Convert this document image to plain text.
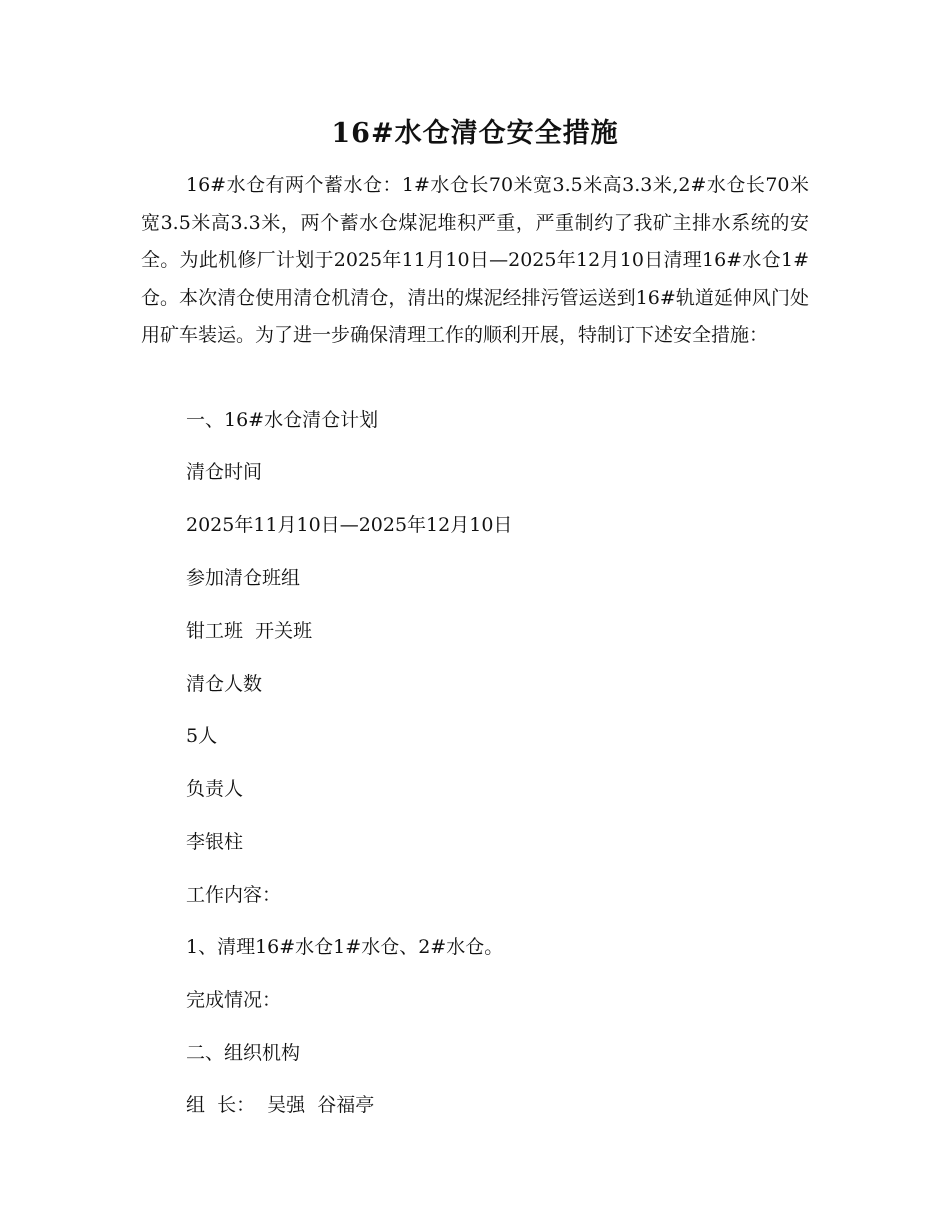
16#水仓清仓安全措施

16#水仓有两个蓄水仓：1#水仓长70米宽3.5米高3.3米,2#水仓长70米宽3.5米高3.3米，两个蓄水仓煤泥堆积严重，严重制约了我矿主排水系统的安全。为此机修厂计划于2025年11月10日—2025年12月10日清理16#水仓1#仓。本次清仓使用清仓机清仓，清出的煤泥经排污管运送到16#轨道延伸风门处用矿车装运。为了进一步确保清理工作的顺利开展，特制订下述安全措施：

一、16#水仓清仓计划
清仓时间
2025年11月10日—2025年12月10日
参加清仓班组
钳工班  开关班
清仓人数
5人
负责人
李银柱
工作内容：
1、清理16#水仓1#水仓、2#水仓。
完成情况：
二、组织机构
组  长：  吴强  谷福亭
